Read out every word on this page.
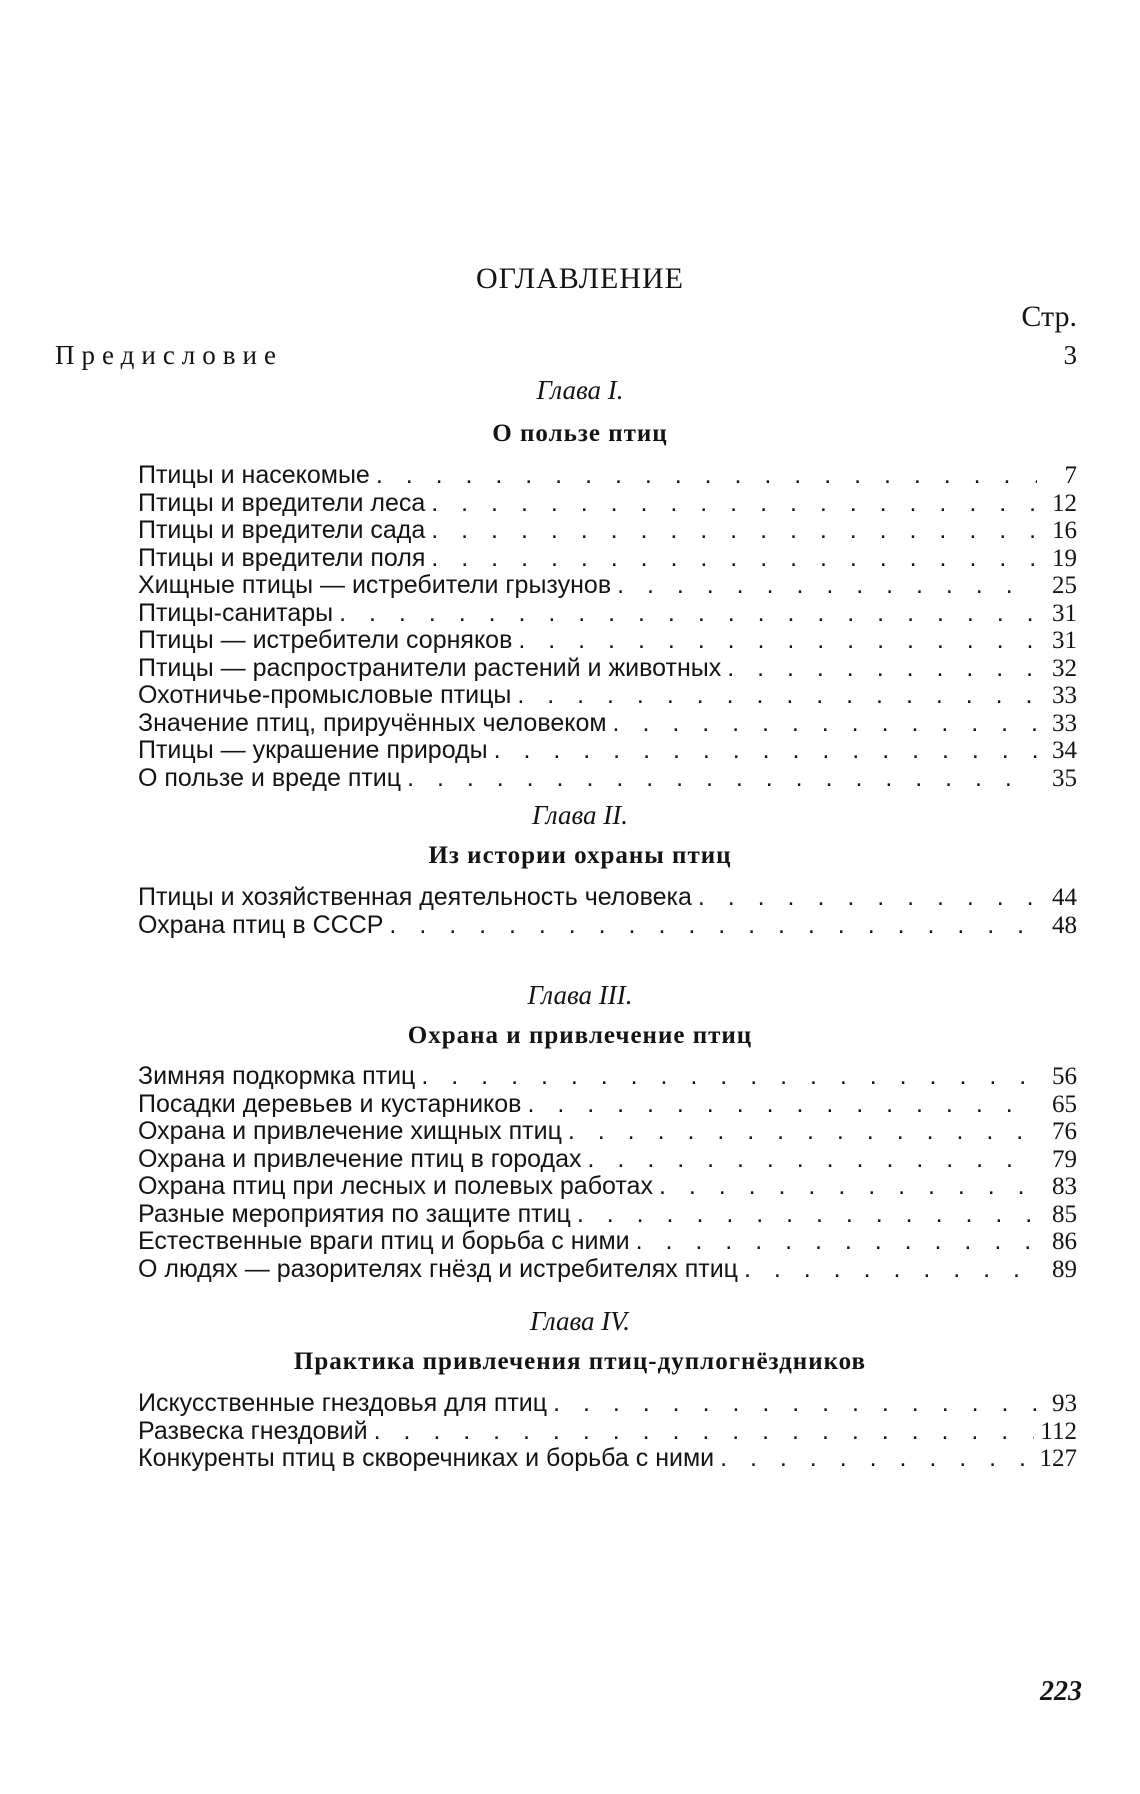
ОГЛАВЛЕНИЕ
Стр.
Предисловие	3
Глава I.
О пользе птиц
Птицы и насекомые . . .	7
Птицы и вредители леса . . .	12
Птицы и вредители сада . . .	16
Птицы и вредители поля . . .	19
Хищные птицы — истребители грызунов . . .	25
Птицы-санитары . . .	31
Птицы — истребители сорняков . . .	31
Птицы — распространители растений и животных . . .	32
Охотничье-промысловые птицы . . .	33
Значение птиц, приручённых человеком . . .	33
Птицы — украшение природы . . .	34
О пользе и вреде птиц . . .	35
Глава II.
Из истории охраны птиц
Птицы и хозяйственная деятельность человека . . .	44
Охрана птиц в СССР . . .	48
Глава III.
Охрана и привлечение птиц
Зимняя подкормка птиц . . .	56
Посадки деревьев и кустарников . . .	65
Охрана и привлечение хищных птиц . . .	76
Охрана и привлечение птиц в городах . . .	79
Охрана птиц при лесных и полевых работах . . .	83
Разные мероприятия по защите птиц . . .	85
Естественные враги птиц и борьба с ними . . .	86
О людях — разорителях гнёзд и истребителях птиц . . .	89
Глава IV.
Практика привлечения птиц-дуплогнёздников
Искусственные гнездовья для птиц . . .	93
Развеска гнездовий . . .	112
Конкуренты птиц в скворечниках и борьба с ними . . .	127
223
